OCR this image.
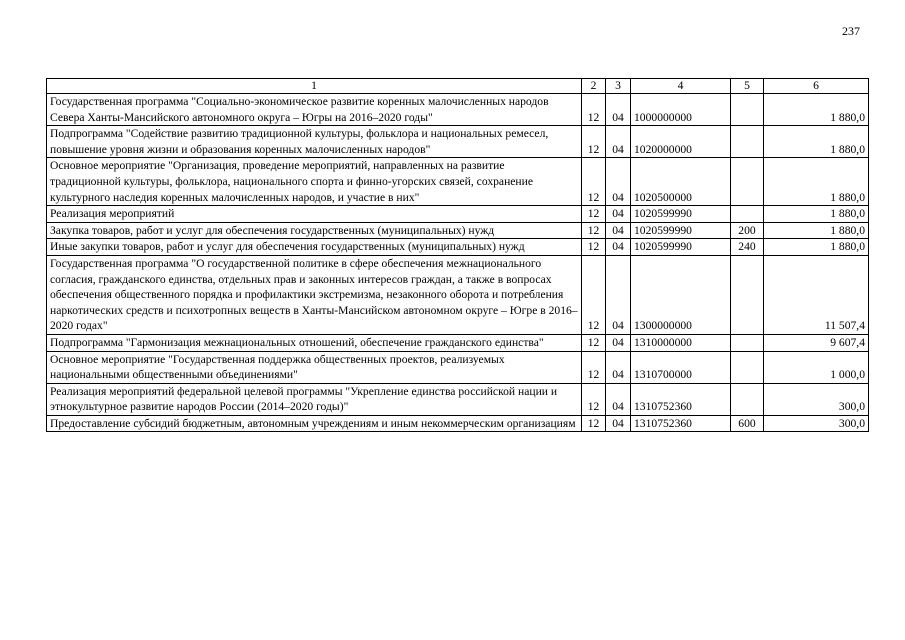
237
1	2	3	4	5	6
Государственная программа "Социально-экономическое развитие коренных малочисленных народов Севера Ханты-Мансийского автономного округа – Югры на 2016–2020 годы"	12	04	1000000000		1 880,0
Подпрограмма "Содействие развитию традиционной культуры, фольклора и национальных ремесел, повышение уровня жизни и образования коренных малочисленных народов"	12	04	1020000000		1 880,0
Основное мероприятие "Организация, проведение мероприятий, направленных на развитие традиционной культуры, фольклора, национального спорта и финно-угорских связей, сохранение культурного наследия коренных малочисленных народов, и участие в них"	12	04	1020500000		1 880,0
Реализация мероприятий	12	04	1020599990		1 880,0
Закупка товаров, работ и услуг для обеспечения государственных (муниципальных) нужд	12	04	1020599990	200	1 880,0
Иные закупки товаров, работ и услуг для обеспечения государственных (муниципальных) нужд	12	04	1020599990	240	1 880,0
Государственная программа "О государственной политике в сфере обеспечения межнационального согласия, гражданского единства, отдельных прав и законных интересов граждан, а также в вопросах обеспечения общественного порядка и профилактики экстремизма, незаконного оборота и потребления наркотических средств и психотропных веществ в Ханты-Мансийском автономном округе – Югре в 2016–2020 годах"	12	04	1300000000		11 507,4
Подпрограмма "Гармонизация межнациональных отношений, обеспечение гражданского единства"	12	04	1310000000		9 607,4
Основное мероприятие "Государственная поддержка общественных проектов, реализуемых национальными общественными объединениями"	12	04	1310700000		1 000,0
Реализация мероприятий федеральной целевой программы "Укрепление единства российской нации и этнокультурное развитие народов России (2014–2020 годы)"	12	04	1310752360		300,0
Предоставление субсидий бюджетным, автономным учреждениям и иным некоммерческим организациям	12	04	1310752360	600	300,0
